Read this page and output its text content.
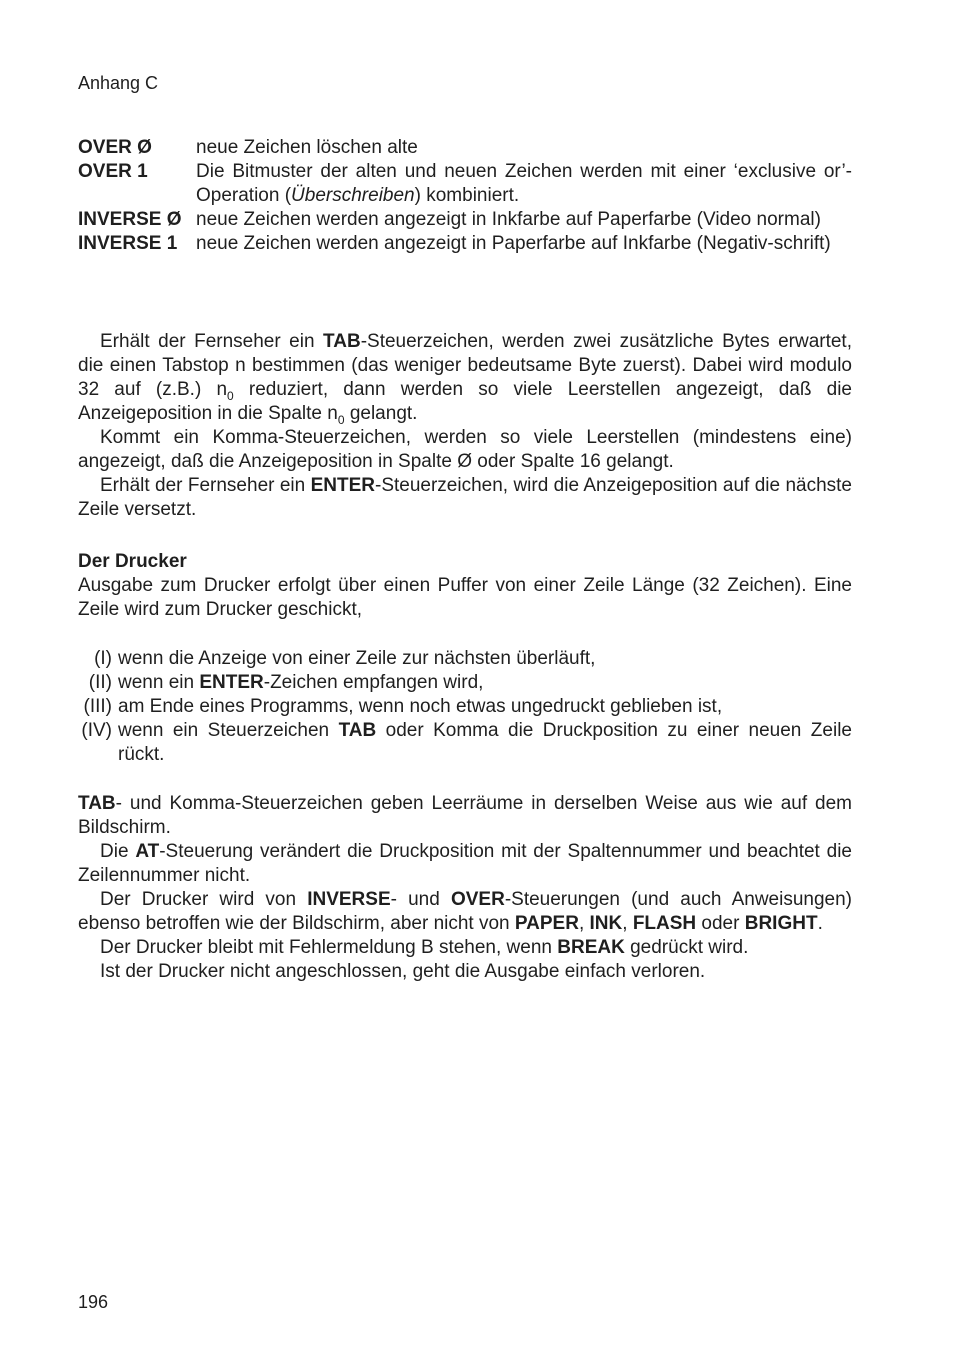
Anhang C
OVER Ø	neue Zeichen löschen alte
OVER 1	Die Bitmuster der alten und neuen Zeichen werden mit einer ‘exclusive or’-Operation (Überschreiben) kombiniert.
INVERSE Ø neue Zeichen werden angezeigt in Inkfarbe auf Paperfarbe (Video normal)
INVERSE 1 neue Zeichen werden angezeigt in Paperfarbe auf Inkfarbe (Negativ-schrift)

Erhält der Fernseher ein TAB-Steuerzeichen, werden zwei zusätzliche Bytes erwartet, die einen Tabstop n bestimmen (das weniger bedeutsame Byte zuerst). Dabei wird modulo 32 auf (z.B.) $n_0$ reduziert, dann werden so viele Leerstellen angezeigt, daß die Anzeigeposition in die Spalte $n_0$ gelangt.

Kommt ein Komma-Steuerzeichen, werden so viele Leerstellen (mindestens eine) angezeigt, daß die Anzeigeposition in Spalte Ø oder Spalte 16 gelangt.

Erhält der Fernseher ein ENTER-Steuerzeichen, wird die Anzeigeposition auf die nächste Zeile versetzt.

Der Drucker

Ausgabe zum Drucker erfolgt über einen Puffer von einer Zeile Länge (32 Zeichen). Eine Zeile wird zum Drucker geschickt,

(I) wenn die Anzeige von einer Zeile zur nächsten überläuft,
(II) wenn ein ENTER-Zeichen empfangen wird,
(III) am Ende eines Programms, wenn noch etwas ungedruckt geblieben ist,
(IV) wenn ein Steuerzeichen TAB oder Komma die Druckposition zu einer neuen Zeile rückt.

TAB- und Komma-Steuerzeichen geben Leerräume in derselben Weise aus wie auf dem Bildschirm.

Die AT-Steuerung verändert die Druckposition mit der Spaltennummer und beachtet die Zeilennummer nicht.

Der Drucker wird von INVERSE- und OVER-Steuerungen (und auch Anweisungen) ebenso betroffen wie der Bildschirm, aber nicht von PAPER, INK, FLASH oder BRIGHT.

Der Drucker bleibt mit Fehlermeldung B stehen, wenn BREAK gedrückt wird.

Ist der Drucker nicht angeschlossen, geht die Ausgabe einfach verloren.

196
